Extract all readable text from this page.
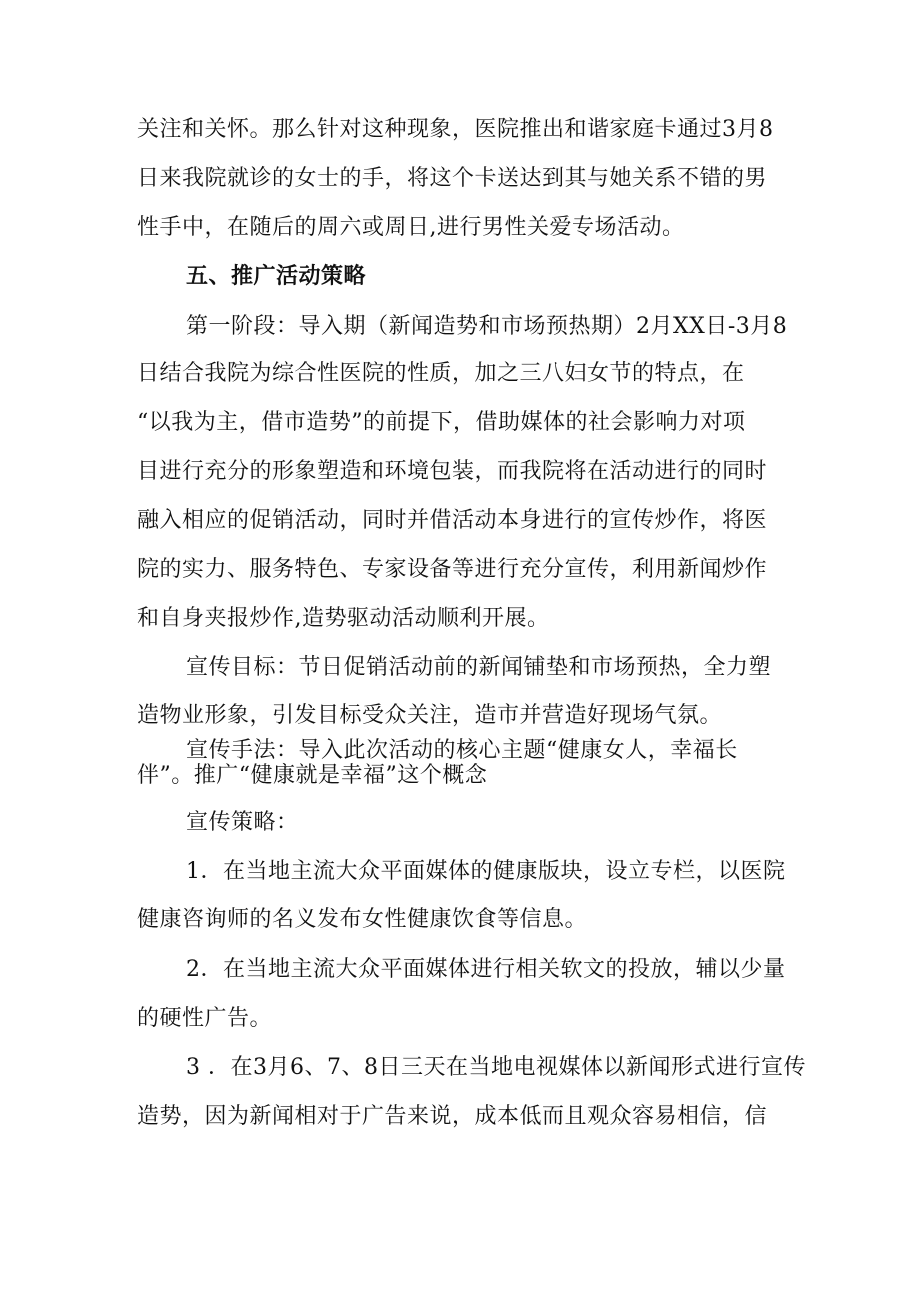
关注和关怀。那么针对这种现象，医院推出和谐家庭卡通过3月8
日来我院就诊的女士的手，将这个卡送达到其与她关系不错的男
性手中，在随后的周六或周日,进行男性关爱专场活动。
五、推广活动策略
第一阶段：导入期（新闻造势和市场预热期）2月XX日-3月8
日结合我院为综合性医院的性质，加之三八妇女节的特点，在
“以我为主，借市造势”的前提下，借助媒体的社会影响力对项
目进行充分的形象塑造和环境包装，而我院将在活动进行的同时
融入相应的促销活动，同时并借活动本身进行的宣传炒作，将医
院的实力、服务特色、专家设备等进行充分宣传，利用新闻炒作
和自身夹报炒作,造势驱动活动顺利开展。
宣传目标：节日促销活动前的新闻铺垫和市场预热，全力塑
造物业形象，引发目标受众关注，造市并营造好现场气氛。
宣传手法：导入此次活动的核心主题“健康女人，幸福长
伴”。推广“健康就是幸福”这个概念
宣传策略：
1．在当地主流大众平面媒体的健康版块，设立专栏，以医院
健康咨询师的名义发布女性健康饮食等信息。
2．在当地主流大众平面媒体进行相关软文的投放，辅以少量
的硬性广告。
3 ．在3月6、7、8日三天在当地电视媒体以新闻形式进行宣传
造势，因为新闻相对于广告来说，成本低而且观众容易相信，信
